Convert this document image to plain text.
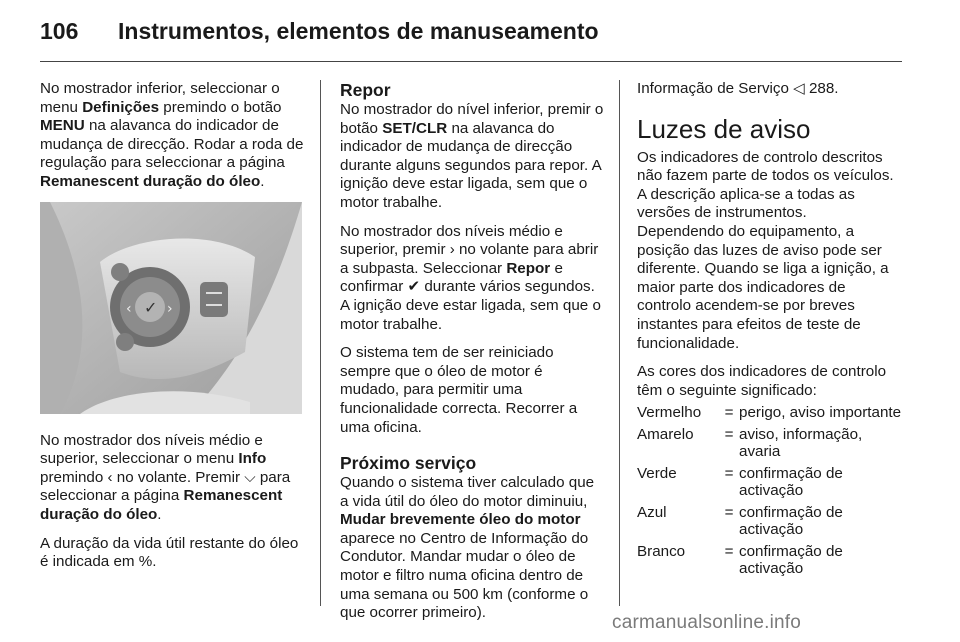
106 Instrumentos, elementos de manuseamento

No mostrador inferior, seleccionar o menu Definições premindo o botão MENU na alavanca do indicador de mudança de direcção. Rodar a roda de regulação para seleccionar a página Remanescent duração do óleo.

✓
‹	›

No mostrador dos níveis médio e superior, seleccionar o menu Info premindo ‹ no volante. Premir ⌵ para seleccionar a página Remanescent duração do óleo.

A duração da vida útil restante do óleo é indicada em %.

Repor

No mostrador do nível inferior, premir o botão SET/CLR na alavanca do indicador de mudança de direcção durante alguns segundos para repor. A ignição deve estar ligada, sem que o motor trabalhe.

No mostrador dos níveis médio e superior, premir › no volante para abrir a subpasta. Seleccionar Repor e confirmar ✔ durante vários segundos. A ignição deve estar ligada, sem que o motor trabalhe.

O sistema tem de ser reiniciado sempre que o óleo de motor é mudado, para permitir uma funcionalidade correcta. Recorrer a uma oficina.

Próximo serviço

Quando o sistema tiver calculado que a vida útil do óleo do motor diminuiu, Mudar brevemente óleo do motor aparece no Centro de Informação do Condutor. Mandar mudar o óleo de motor e filtro numa oficina dentro de uma semana ou 500 km (conforme o que ocorrer primeiro).

Informação de Serviço ◁ 288.

Luzes de aviso

Os indicadores de controlo descritos não fazem parte de todos os veículos. A descrição aplica-se a todas as versões de instrumentos.

Dependendo do equipamento, a posição das luzes de aviso pode ser diferente. Quando se liga a ignição, a maior parte dos indicadores de controlo acendem-se por breves instantes para efeitos de teste de funcionalidade.

As cores dos indicadores de controlo têm o seguinte significado:

Vermelho	=	perigo, aviso importante
Amarelo	=	aviso, informação, avaria
Verde	=	confirmação de activação
Azul	=	confirmação de activação
Branco	=	confirmação de activação
carmanualsonline.info
